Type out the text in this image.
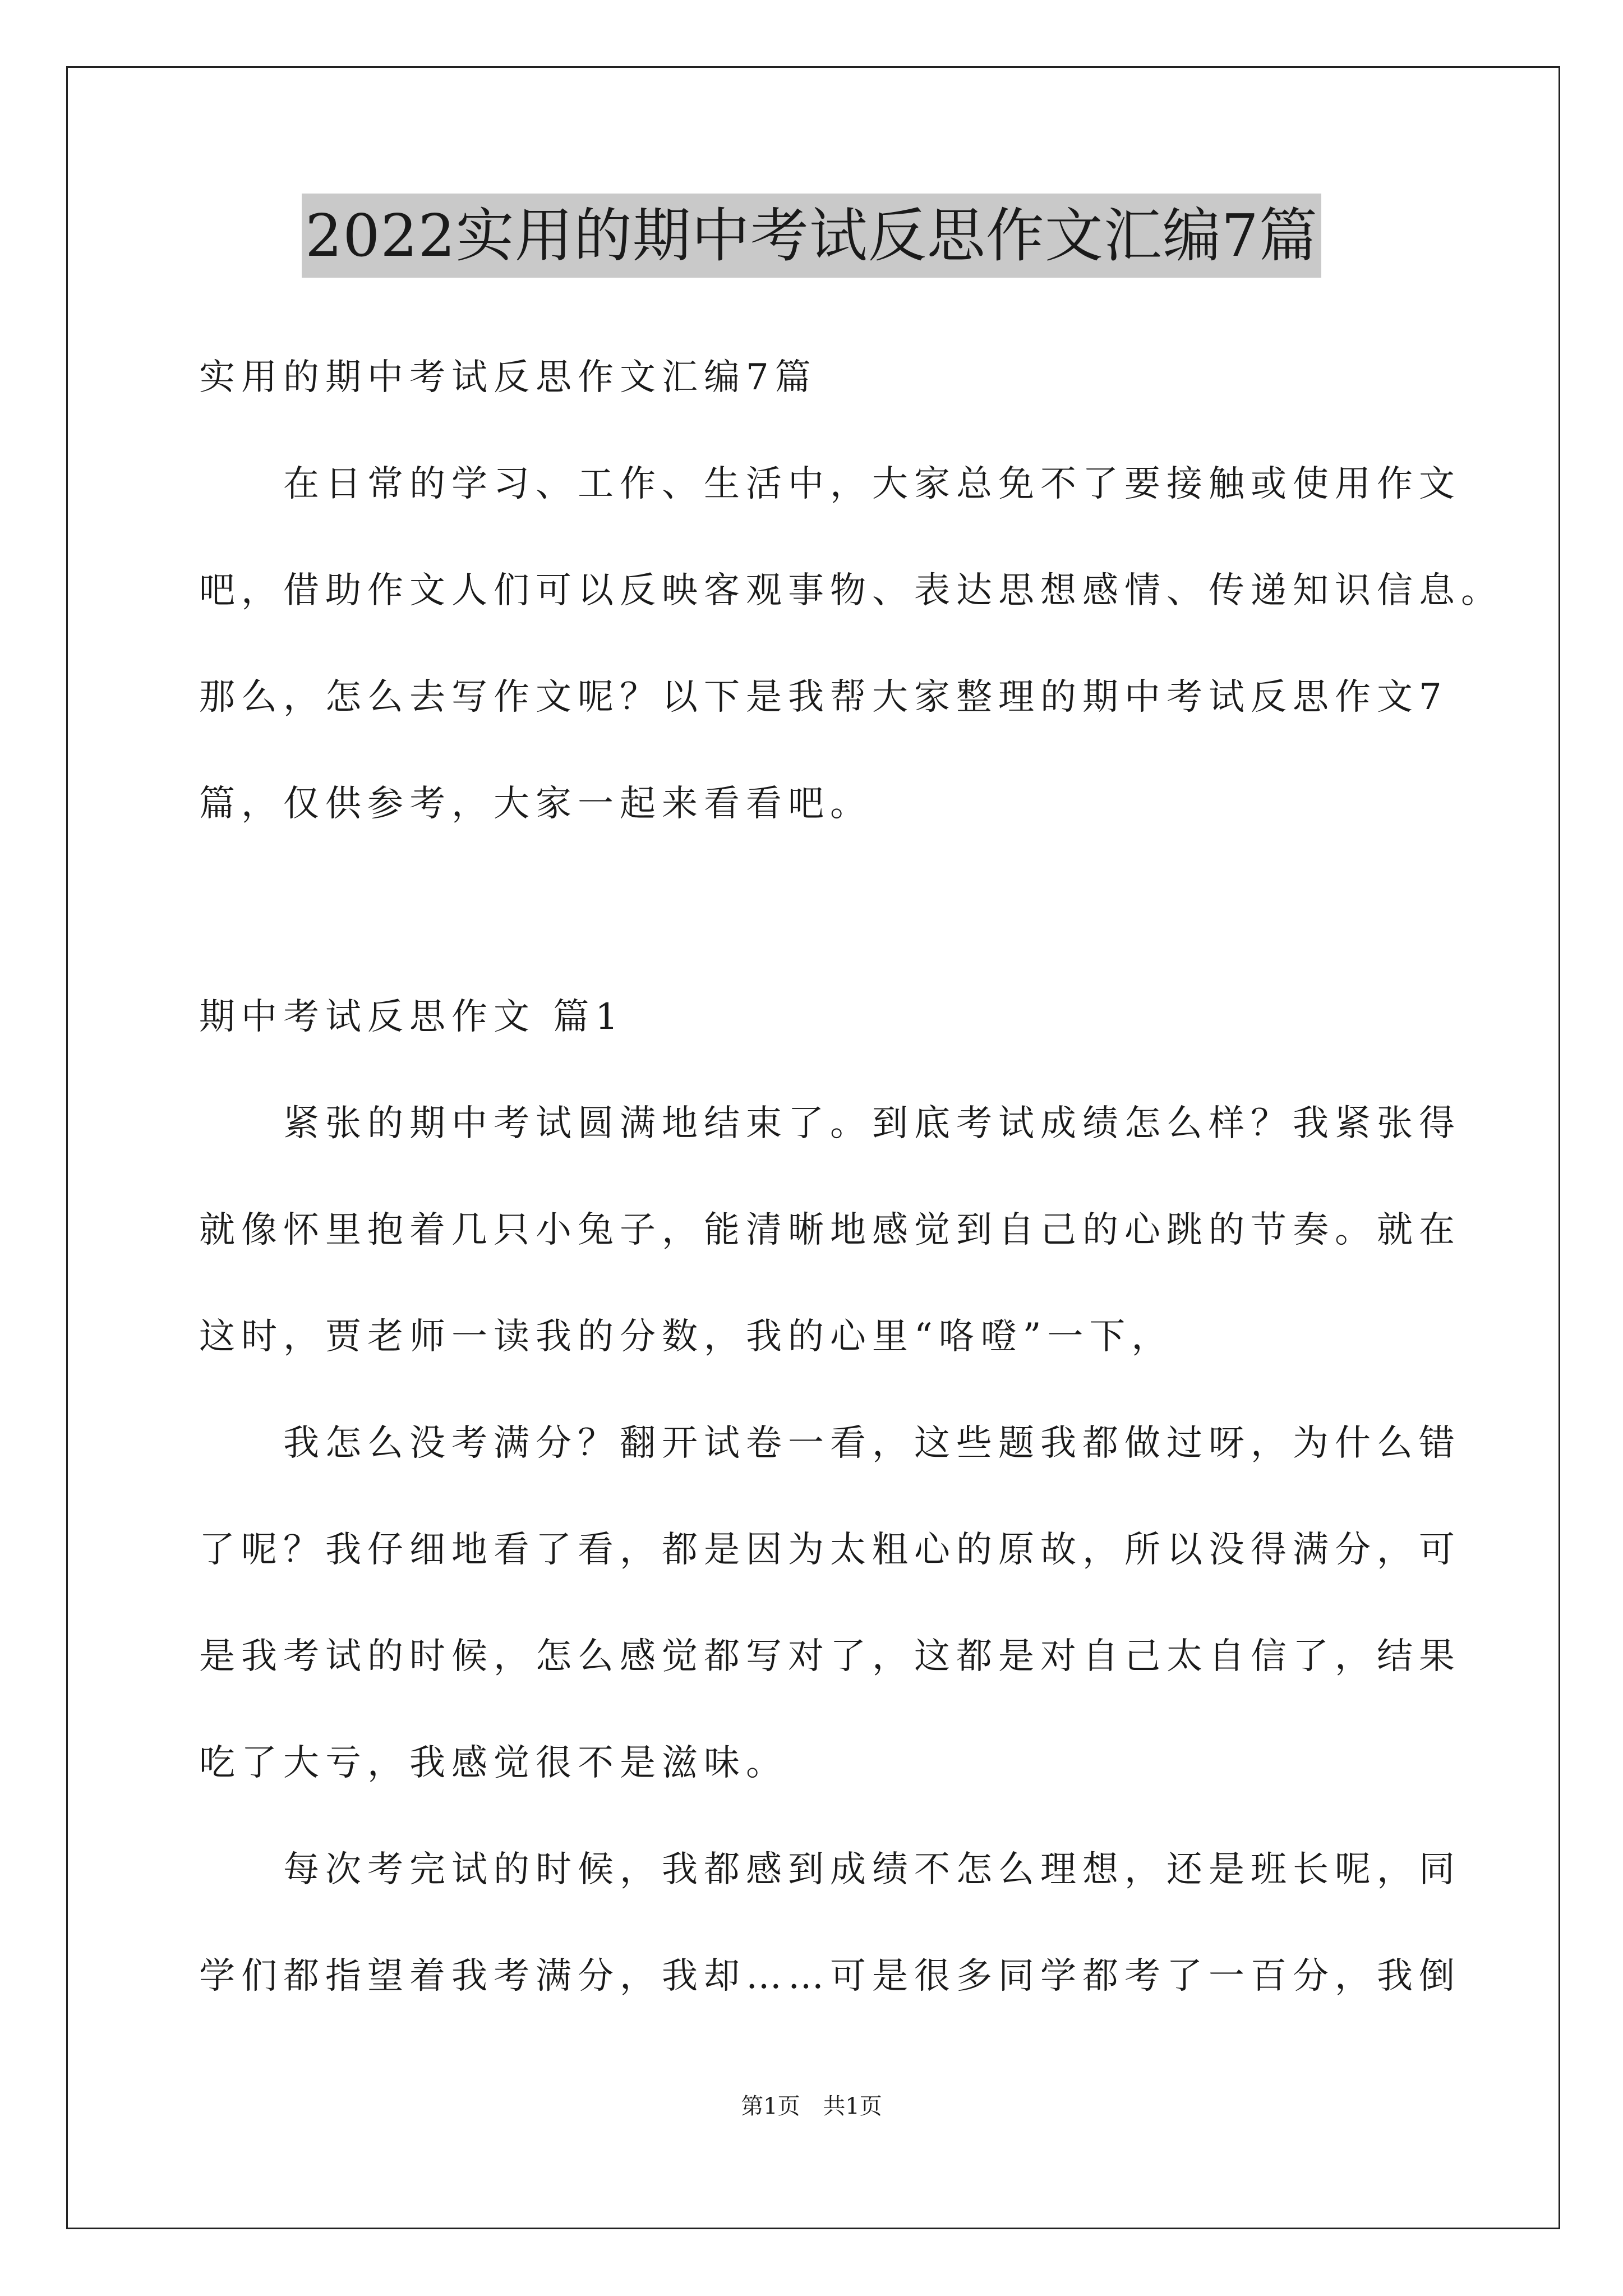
2022实用的期中考试反思作文汇编7篇
实用的期中考试反思作文汇编7篇
　　在日常的学习、工作、生活中，大家总免不了要接触或使用作文
吧，借助作文人们可以反映客观事物、表达思想感情、传递知识信息。
那么，怎么去写作文呢？以下是我帮大家整理的期中考试反思作文7
篇，仅供参考，大家一起来看看吧。
期中考试反思作文 篇1
　　紧张的期中考试圆满地结束了。到底考试成绩怎么样？我紧张得
就像怀里抱着几只小兔子，能清晰地感觉到自己的心跳的节奏。就在
这时，贾老师一读我的分数，我的心里“咯噔”一下，
　　我怎么没考满分？翻开试卷一看，这些题我都做过呀，为什么错
了呢？我仔细地看了看，都是因为太粗心的原故，所以没得满分，可
是我考试的时候，怎么感觉都写对了，这都是对自己太自信了，结果
吃了大亏，我感觉很不是滋味。
　　每次考完试的时候，我都感到成绩不怎么理想，还是班长呢，同
学们都指望着我考满分，我却……可是很多同学都考了一百分，我倒
第1页 共1页
